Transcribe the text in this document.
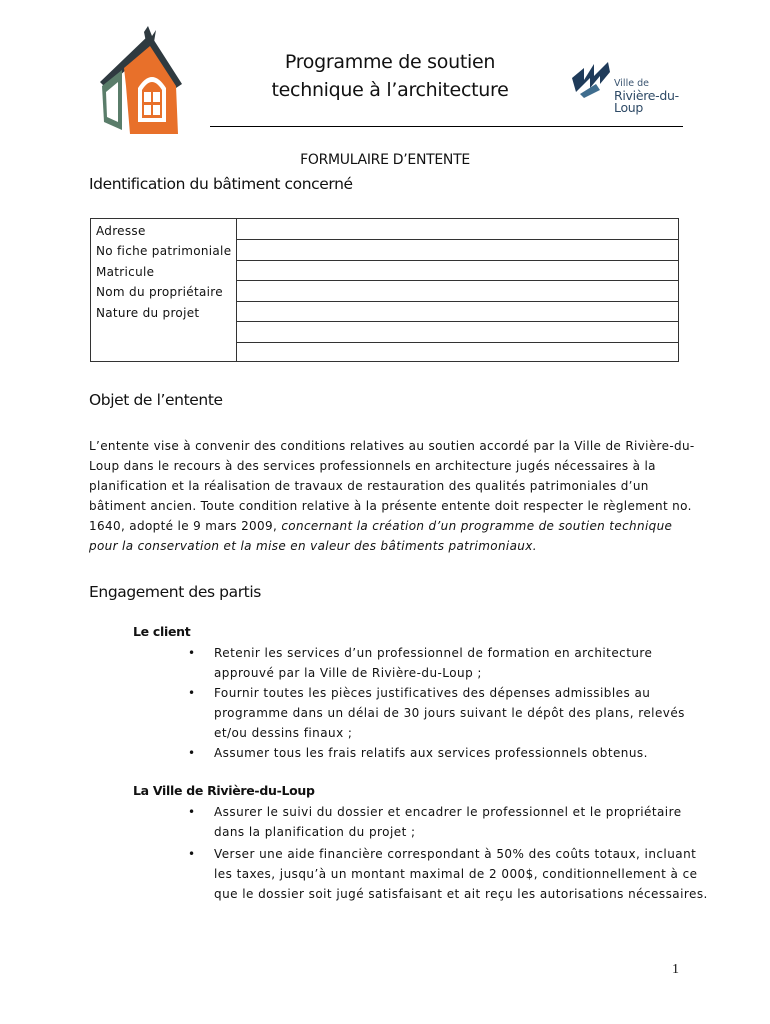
Programme de soutien
technique à l’architecture	Ville de
Rivière-du-Loup
FORMULAIRE D’ENTENTE
Identification du bâtiment concerné
Adresse
No fiche patrimoniale
Matricule
Nom du propriétaire
Nature du projet
Objet de l’entente
L’entente vise à convenir des conditions relatives au soutien accordé par la Ville de Rivière-du-
Loup dans le recours à des services professionnels en architecture jugés nécessaires à la
planification et la réalisation de travaux de restauration des qualités patrimoniales d’un
bâtiment ancien. Toute condition relative à la présente entente doit respecter le règlement no.
1640, adopté le 9 mars 2009, concernant la création d’un programme de soutien technique
pour la conservation et la mise en valeur des bâtiments patrimoniaux.
Engagement des partis
Le client
•	Retenir les services d’un professionnel de formation en architecture
approuvé par la Ville de Rivière-du-Loup ;
•	Fournir toutes les pièces justificatives des dépenses admissibles au
programme dans un délai de 30 jours suivant le dépôt des plans, relevés
et/ou dessins finaux ;
•	Assumer tous les frais relatifs aux services professionnels obtenus.
La Ville de Rivière-du-Loup
•	Assurer le suivi du dossier et encadrer le professionnel et le propriétaire
dans la planification du projet ;
•	Verser une aide financière correspondant à 50% des coûts totaux, incluant
les taxes, jusqu’à un montant maximal de 2 000$, conditionnellement à ce
que le dossier soit jugé satisfaisant et ait reçu les autorisations nécessaires.
1
